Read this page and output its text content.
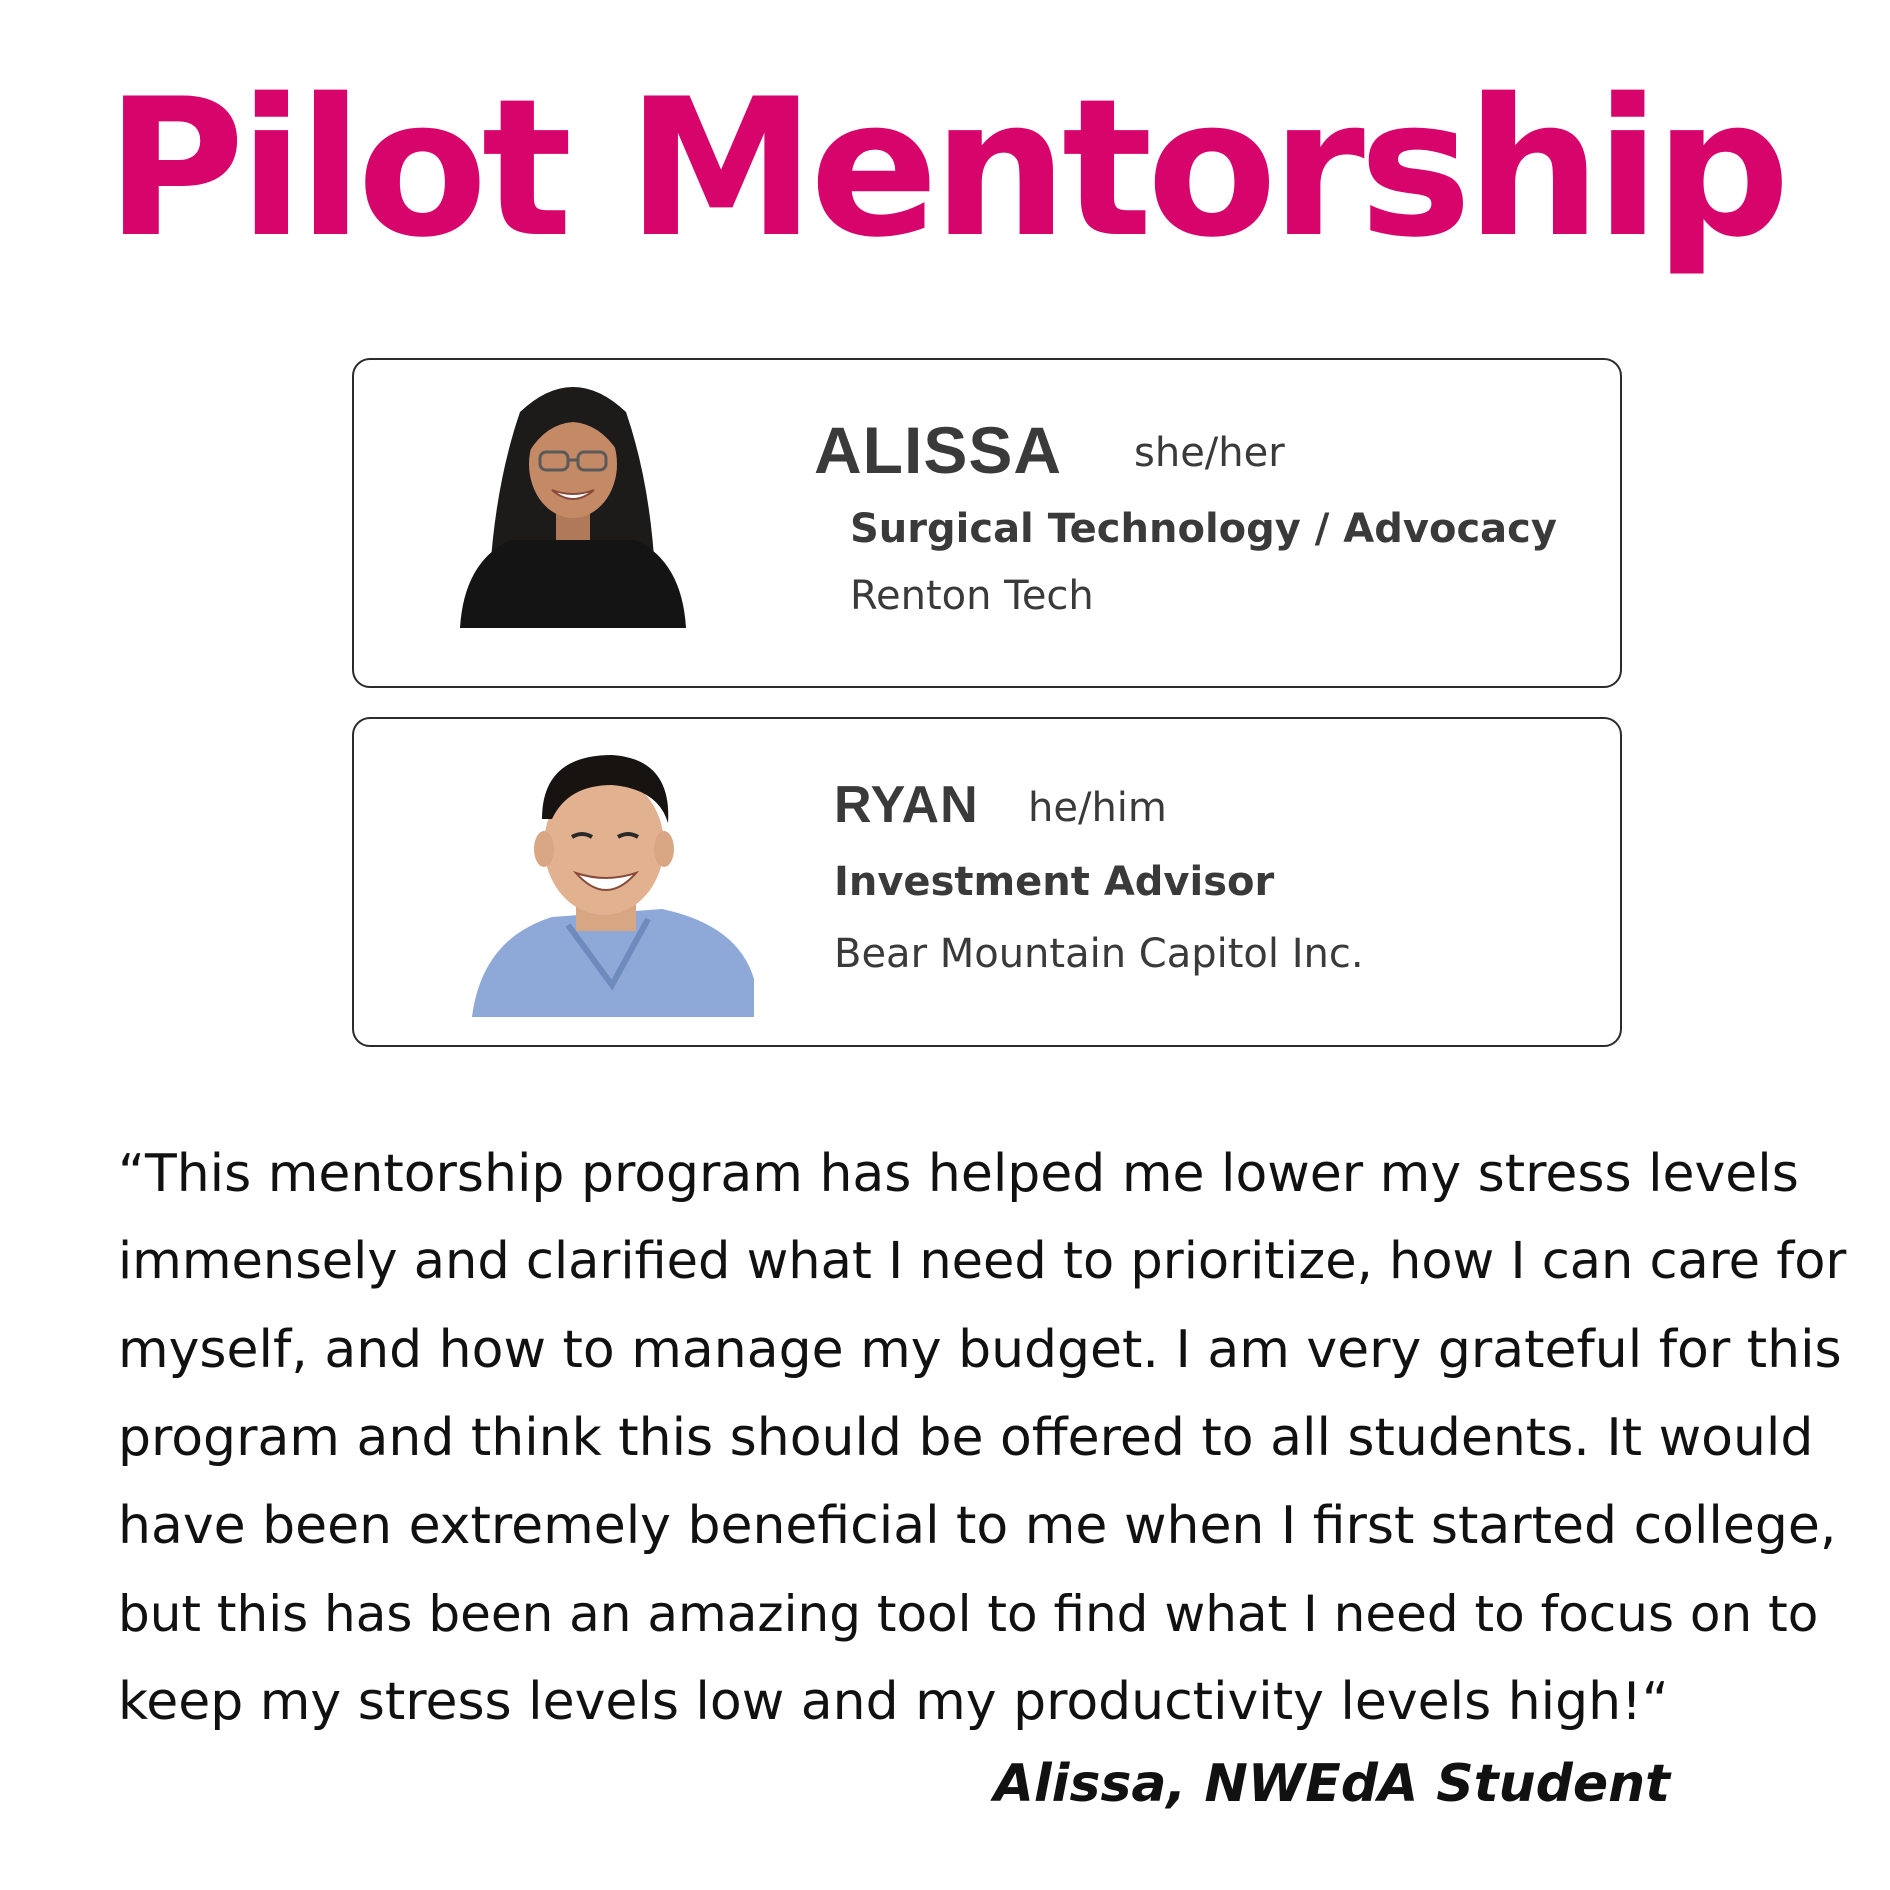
Pilot Mentorship
ALISSA she/her
Surgical Technology / Advocacy
Renton Tech
RYAN he/him
Investment Advisor
Bear Mountain Capitol Inc.
“This mentorship program has helped me lower my stress levels
immensely and clarified what I need to prioritize, how I can care for
myself, and how to manage my budget. I am very grateful for this
program and think this should be offered to all students. It would
have been extremely beneficial to me when I first started college,
but this has been an amazing tool to find what I need to focus on to
keep my stress levels low and my productivity levels high!“
Alissa, NWEdA Student
